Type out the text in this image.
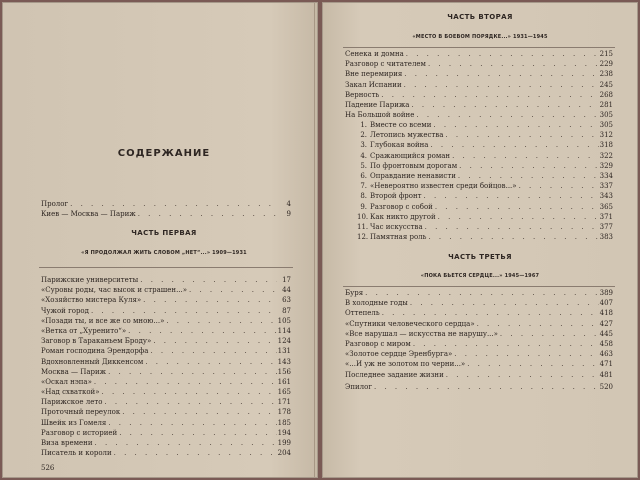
СОДЕРЖАНИЕ
Пролог . . .	4
Киев — Москва — Париж . . .	9
ЧАСТЬ ПЕРВАЯ
«Я ПРОДОЛЖАЛ ЖИТЬ СЛОВОМ „НЕТ“...» 1909—1931
Парижские университеты . . .	17
«Суровы роды, час высок и страшен...» . . .	44
«Хозяйство мистера Куля» . . .	63
Чужой город . . .	87
«Позади ты, и все же со мною...» . . .	105
«Ветка от „Хуренито“» . . .	114
Заговор в Тараканьем Броду» . . .	124
Роман господина Эрендорфа . . .	131
Вдохновленный Диккенсом . . .	143
Москва — Париж . . .	156
«Оскал нэпа» . . .	161
«Над схваткой» . . .	165
Парижское лето . . .	171
Проточный переулок . . .	178
Швейк из Гомеля . . .	185
Разговор с историей . . .	194
Виза времени . . .	199
Писатель и короли . . .	204
526
ЧАСТЬ ВТОРАЯ
«МЕСТО В БОЕВОМ ПОРЯДКЕ...» 1931—1945
Сенека и домна . . .	215
Разговор с читателем . . .	229
Вне перемирия . . .	238
Закал Испании . . .	245
Верность . . .	268
Падение Парижа . . .	281
На Большой войне . . .	305
1. Вместе со всеми . . .	305
2. Летопись мужества . . .	312
3. Глубокая война . . .	318
4. Сражающийся роман . . .	322
5. По фронтовым дорогам . . .	329
6. Оправдание ненависти . . .	334
7. «Невероятно известен среди бойцов...» . . .	337
8. Второй фронт . . .	343
9. Разговор с собой . . .	365
10. Как никто другой . . .	371
11. Час искусства . . .	377
12. Памятная роль . . .	383
ЧАСТЬ ТРЕТЬЯ
«ПОКА БЬЕТСЯ СЕРДЦЕ...» 1945—1967
Буря . . .	389
В холодные годы . . .	407
Оттепель . . .	418
«Спутники человеческого сердца» . . .	427
«Все нарушал — искусства не нарушу...» . . .	445
Разговор с миром . . .	458
«Золотое сердце Эренбурга» . . .	463
«...И уж не золотом по черни...» . . .	471
Последнее задание жизни . . .	481
Эпилог . . .	520
